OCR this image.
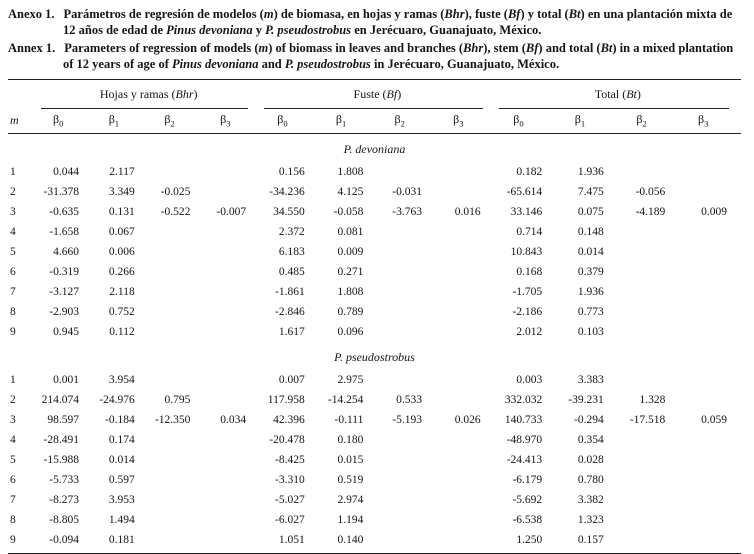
Anexo 1. Parámetros de regresión de modelos (m) de biomasa, en hojas y ramas (Bhr), fuste (Bf) y total (Bt) en una plantación mixta de 12 años de edad de Pinus devoniana y P. pseudostrobus en Jerécuaro, Guanajuato, México.

Annex 1. Parameters of regression of models (m) of biomass in leaves and branches (Bhr), stem (Bf) and total (Bt) in a mixed plantation of 12 years of age of Pinus devoniana and P. pseudostrobus in Jerécuaro, Guanajuato, México.

	Hojas y ramas (Bhr)				Fuste (Bf)				Total (Bt)			

m	$\beta_0$	$\beta_1$	$\beta_2$	$\beta_3$	$\beta_0$	$\beta_1$	$\beta_2$	$\beta_3$	$\beta_0$	$\beta_1$	$\beta_2$	$\beta_3$
P. devoniana												
1	0.044	2.117			0.156	1.808			0.182	1.936		
2	-31.378	3.349	-0.025		-34.236	4.125	-0.031		-65.614	7.475	-0.056	
3	-0.635	0.131	-0.522	-0.007	34.550	-0.058	-3.763	0.016	33.146	0.075	-4.189	0.009
4	-1.658	0.067			2.372	0.081			0.714	0.148		
5	4.660	0.006			6.183	0.009			10.843	0.014		
6	-0.319	0.266			0.485	0.271			0.168	0.379		
7	-3.127	2.118			-1.861	1.808			-1.705	1.936		
8	-2.903	0.752			-2.846	0.789			-2.186	0.773		
9	0.945	0.112			1.617	0.096			2.012	0.103		
P. pseudostrobus												
1	0.001	3.954			0.007	2.975			0.003	3.383		
2	214.074	-24.976	0.795		117.958	-14.254	0.533		332.032	-39.231	1.328	
3	98.597	-0.184	-12.350	0.034	42.396	-0.111	-5.193	0.026	140.733	-0.294	-17.518	0.059
4	-28.491	0.174			-20.478	0.180			-48.970	0.354		
5	-15.988	0.014			-8.425	0.015			-24.413	0.028		
6	-5.733	0.597			-3.310	0.519			-6.179	0.780		
7	-8.273	3.953			-5.027	2.974			-5.692	3.382		
8	-8.805	1.494			-6.027	1.194			-6.538	1.323		
9	-0.094	0.181			1.051	0.140			1.250	0.157		
